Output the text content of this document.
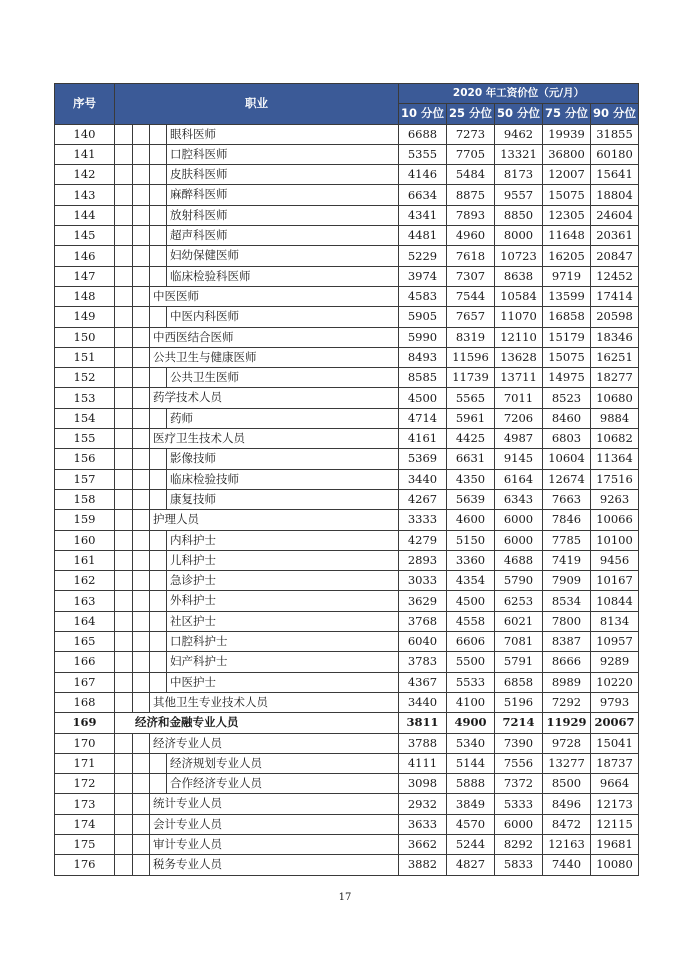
序号	职业	2020 年工资价位（元/月）				
		10 分位	25 分位	50 分位	75 分位	90 分位
140	眼科医师	6688	7273	9462	19939	31855
141	口腔科医师	5355	7705	13321	36800	60180
142	皮肤科医师	4146	5484	8173	12007	15641
143	麻醉科医师	6634	8875	9557	15075	18804
144	放射科医师	4341	7893	8850	12305	24604
145	超声科医师	4481	4960	8000	11648	20361
146	妇幼保健医师	5229	7618	10723	16205	20847
147	临床检验科医师	3974	7307	8638	9719	12452
148	中医医师	4583	7544	10584	13599	17414
149	中医内科医师	5905	7657	11070	16858	20598
150	中西医结合医师	5990	8319	12110	15179	18346
151	公共卫生与健康医师	8493	11596	13628	15075	16251
152	公共卫生医师	8585	11739	13711	14975	18277
153	药学技术人员	4500	5565	7011	8523	10680
154	药师	4714	5961	7206	8460	9884
155	医疗卫生技术人员	4161	4425	4987	6803	10682
156	影像技师	5369	6631	9145	10604	11364
157	临床检验技师	3440	4350	6164	12674	17516
158	康复技师	4267	5639	6343	7663	9263
159	护理人员	3333	4600	6000	7846	10066
160	内科护士	4279	5150	6000	7785	10100
161	儿科护士	2893	3360	4688	7419	9456
162	急诊护士	3033	4354	5790	7909	10167
163	外科护士	3629	4500	6253	8534	10844
164	社区护士	3768	4558	6021	7800	8134
165	口腔科护士	6040	6606	7081	8387	10957
166	妇产科护士	3783	5500	5791	8666	9289
167	中医护士	4367	5533	6858	8989	10220
168	其他卫生专业技术人员	3440	4100	5196	7292	9793
169	经济和金融专业人员	3811	4900	7214	11929	20067
170	经济专业人员	3788	5340	7390	9728	15041
171	经济规划专业人员	4111	5144	7556	13277	18737
172	合作经济专业人员	3098	5888	7372	8500	9664
173	统计专业人员	2932	3849	5333	8496	12173
174	会计专业人员	3633	4570	6000	8472	12115
175	审计专业人员	3662	5244	8292	12163	19681
176	税务专业人员	3882	4827	5833	7440	10080
17
